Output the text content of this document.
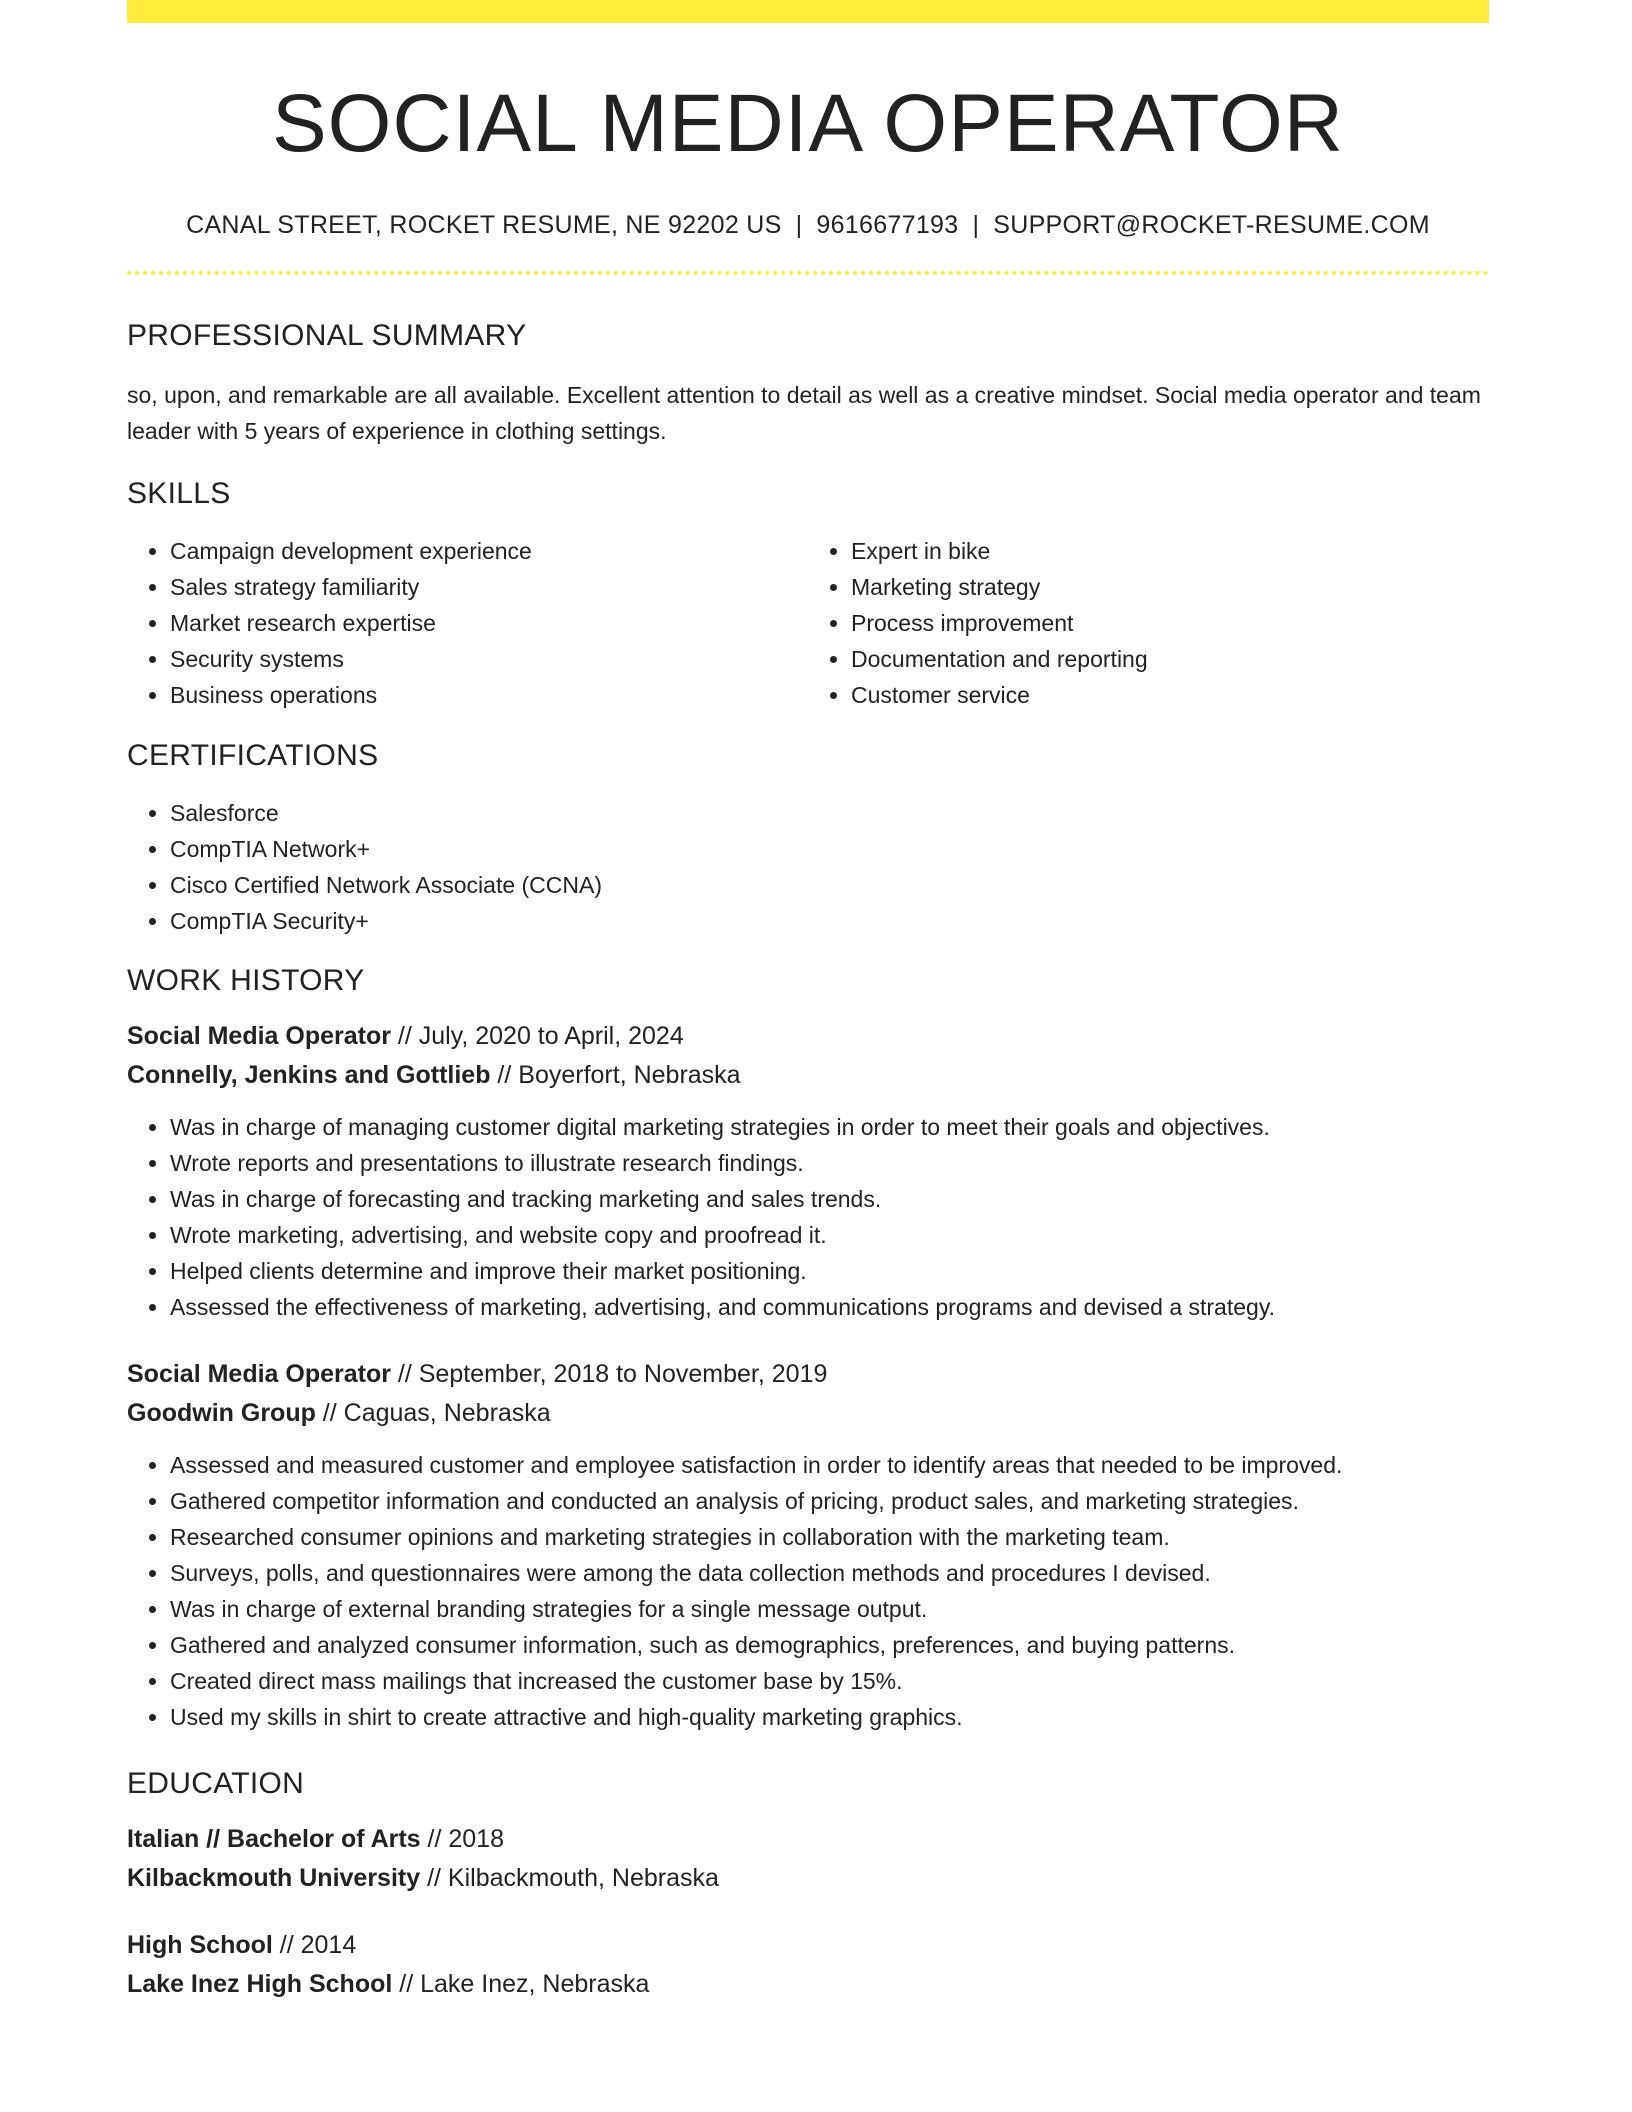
SOCIAL MEDIA OPERATOR
CANAL STREET, ROCKET RESUME, NE 92202 US | 9616677193 | SUPPORT@ROCKET-RESUME.COM
PROFESSIONAL SUMMARY
so, upon, and remarkable are all available. Excellent attention to detail as well as a creative mindset. Social media operator and team leader with 5 years of experience in clothing settings.
SKILLS
• Campaign development experience
• Sales strategy familiarity
• Market research expertise
• Security systems
• Business operations
• Expert in bike
• Marketing strategy
• Process improvement
• Documentation and reporting
• Customer service
CERTIFICATIONS
• Salesforce
• CompTIA Network+
• Cisco Certified Network Associate (CCNA)
• CompTIA Security+
WORK HISTORY
Social Media Operator // July, 2020 to April, 2024
Connelly, Jenkins and Gottlieb // Boyerfort, Nebraska
• Was in charge of managing customer digital marketing strategies in order to meet their goals and objectives.
• Wrote reports and presentations to illustrate research findings.
• Was in charge of forecasting and tracking marketing and sales trends.
• Wrote marketing, advertising, and website copy and proofread it.
• Helped clients determine and improve their market positioning.
• Assessed the effectiveness of marketing, advertising, and communications programs and devised a strategy.
Social Media Operator // September, 2018 to November, 2019
Goodwin Group // Caguas, Nebraska
• Assessed and measured customer and employee satisfaction in order to identify areas that needed to be improved.
• Gathered competitor information and conducted an analysis of pricing, product sales, and marketing strategies.
• Researched consumer opinions and marketing strategies in collaboration with the marketing team.
• Surveys, polls, and questionnaires were among the data collection methods and procedures I devised.
• Was in charge of external branding strategies for a single message output.
• Gathered and analyzed consumer information, such as demographics, preferences, and buying patterns.
• Created direct mass mailings that increased the customer base by 15%.
• Used my skills in shirt to create attractive and high-quality marketing graphics.
EDUCATION
Italian // Bachelor of Arts // 2018
Kilbackmouth University // Kilbackmouth, Nebraska
High School // 2014
Lake Inez High School // Lake Inez, Nebraska
